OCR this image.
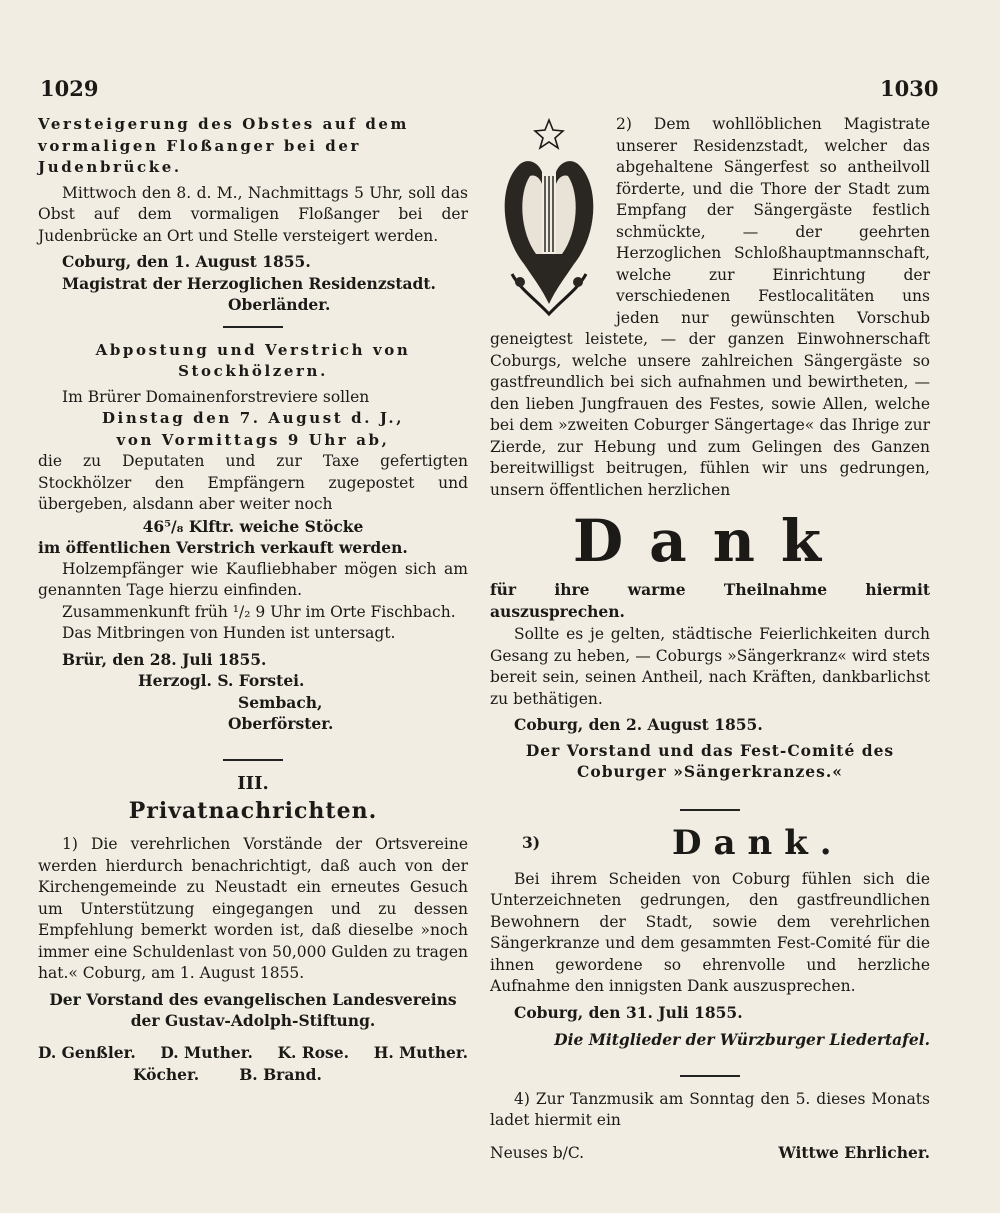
1029	1030

Versteigerung des Obstes auf dem vormaligen Floßanger bei der Judenbrücke.

Mittwoch den 8. d. M., Nachmittags 5 Uhr, soll das Obst auf dem vormaligen Floßanger bei der Judenbrücke an Ort und Stelle versteigert werden.

Coburg, den 1. August 1855.

Magistrat der Herzoglichen Residenzstadt.

Oberländer.

Abpostung und Verstrich von Stockhölzern.

Im Brürer Domainenforstreviere sollen

Dinstag den 7. August d. J.,

von Vormittags 9 Uhr ab,

die zu Deputaten und zur Taxe gefertigten Stockhölzer den Empfängern zugepostet und übergeben, alsdann aber weiter noch

46⁵/₈ Klftr. weiche Stöcke

im öffentlichen Verstrich verkauft werden.

Holzempfänger wie Kaufliebhaber mögen sich am genannten Tage hierzu einfinden.

Zusammenkunft früh ¹/₂ 9 Uhr im Orte Fischbach.

Das Mitbringen von Hunden ist untersagt.

Brür, den 28. Juli 1855.

Herzogl. S. Forstei.

Sembach,

Oberförster.

III.

Privatnachrichten.

1) Die verehrlichen Vorstände der Ortsvereine werden hierdurch benachrichtigt, daß auch von der Kirchengemeinde zu Neustadt ein erneutes Gesuch um Unterstützung eingegangen und zu dessen Empfehlung bemerkt worden ist, daß dieselbe »noch immer eine Schuldenlast von 50,000 Gulden zu tragen hat.« Coburg, am 1. August 1855.

Der Vorstand des evangelischen Landesvereins der Gustav-Adolph-Stiftung.

D. Genßler. D. Muther. K. Rose. H. Muther.
Köcher.	B. Brand.

2) Dem wohllöblichen Magistrate unserer Residenzstadt, welcher das abgehaltene Sängerfest so antheilvoll förderte, und die Thore der Stadt zum Empfang der Sängergäste festlich schmückte, — der geehrten Herzoglichen Schloßhauptmannschaft, welche zur Einrichtung der verschiedenen Festlocalitäten uns jeden nur gewünschten Vorschub geneigtest leistete, — der ganzen Einwohnerschaft Coburgs, welche unsere zahlreichen Sängergäste so gastfreundlich bei sich aufnahmen und bewirtheten, — den lieben Jungfrauen des Festes, sowie Allen, welche bei dem »zweiten Coburger Sängertage« das Ihrige zur Zierde, zur Hebung und zum Gelingen des Ganzen bereitwilligst beitrugen, fühlen wir uns gedrungen, unsern öffentlichen herzlichen

Dank

für ihre warme Theilnahme hiermit auszusprechen.

Sollte es je gelten, städtische Feierlichkeiten durch Gesang zu heben, — Coburgs »Sängerkranz« wird stets bereit sein, seinen Antheil, nach Kräften, dankbarlichst zu bethätigen.

Coburg, den 2. August 1855.

Der Vorstand und das Fest-Comité des Coburger »Sängerkranzes.«

3)	Dank.

Bei ihrem Scheiden von Coburg fühlen sich die Unterzeichneten gedrungen, den gastfreundlichen Bewohnern der Stadt, sowie dem verehrlichen Sängerkranze und dem gesammten Fest-Comité für die ihnen gewordene so ehrenvolle und herzliche Aufnahme den innigsten Dank auszusprechen.

Coburg, den 31. Juli 1855.

Die Mitglieder der Würzburger Liedertafel.

4) Zur Tanzmusik am Sonntag den 5. dieses Monats ladet hiermit ein

Neuses b/C.	Wittwe Ehrlicher.
